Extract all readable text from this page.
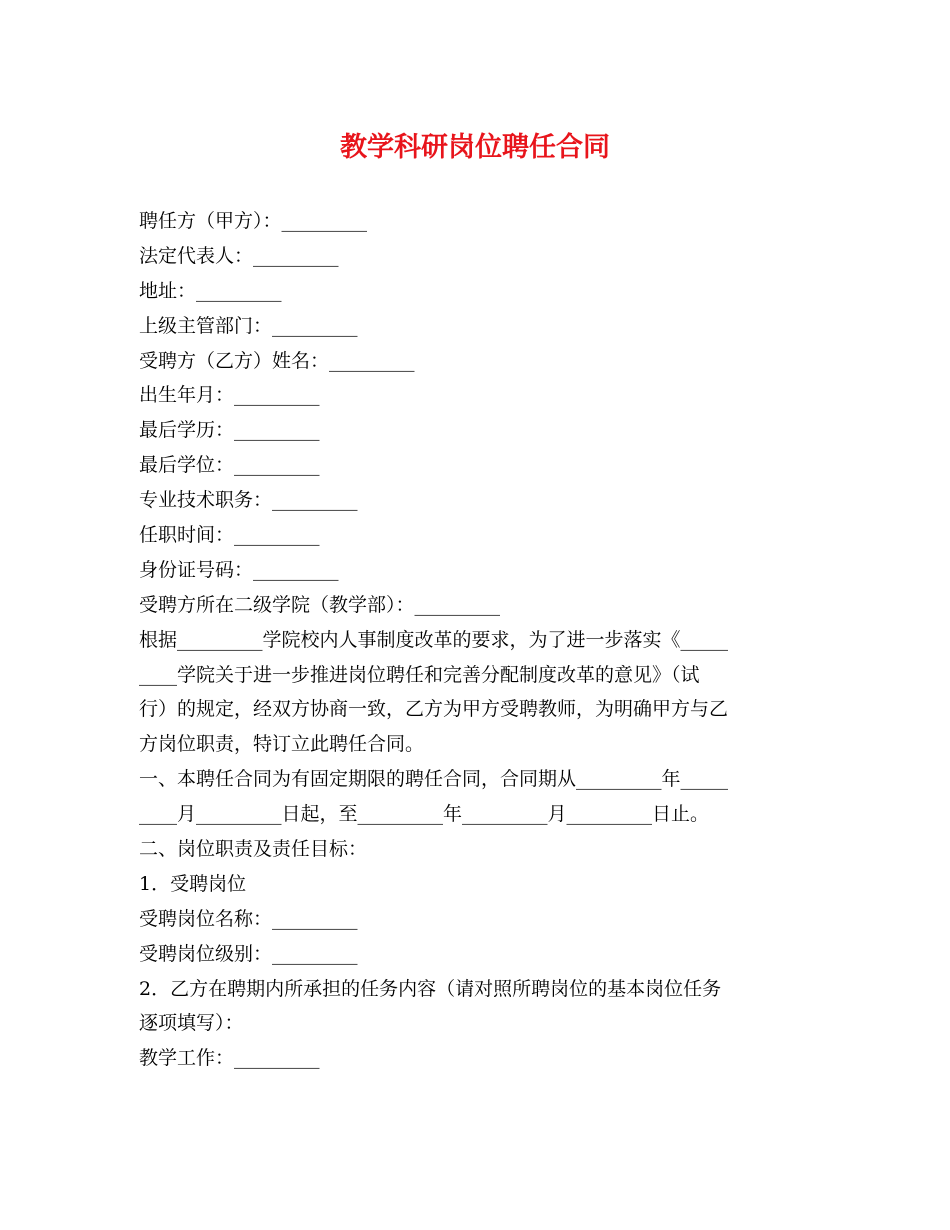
教学科研岗位聘任合同
聘任方（甲方）：_________
法定代表人：_________
地址：_________
上级主管部门：_________
受聘方（乙方）姓名：_________
出生年月：_________
最后学历：_________
最后学位：_________
专业技术职务：_________
任职时间：_________
身份证号码：_________
受聘方所在二级学院（教学部）：_________
根据_________学院校内人事制度改革的要求，为了进一步落实《_____
____学院关于进一步推进岗位聘任和完善分配制度改革的意见》（试
行）的规定，经双方协商一致，乙方为甲方受聘教师，为明确甲方与乙
方岗位职责，特订立此聘任合同。
一、本聘任合同为有固定期限的聘任合同，合同期从_________年_____
____月_________日起，至_________年_________月_________日止。
二、岗位职责及责任目标：
1．受聘岗位
受聘岗位名称：_________
受聘岗位级别：_________
2．乙方在聘期内所承担的任务内容（请对照所聘岗位的基本岗位任务
逐项填写）：
教学工作：_________
